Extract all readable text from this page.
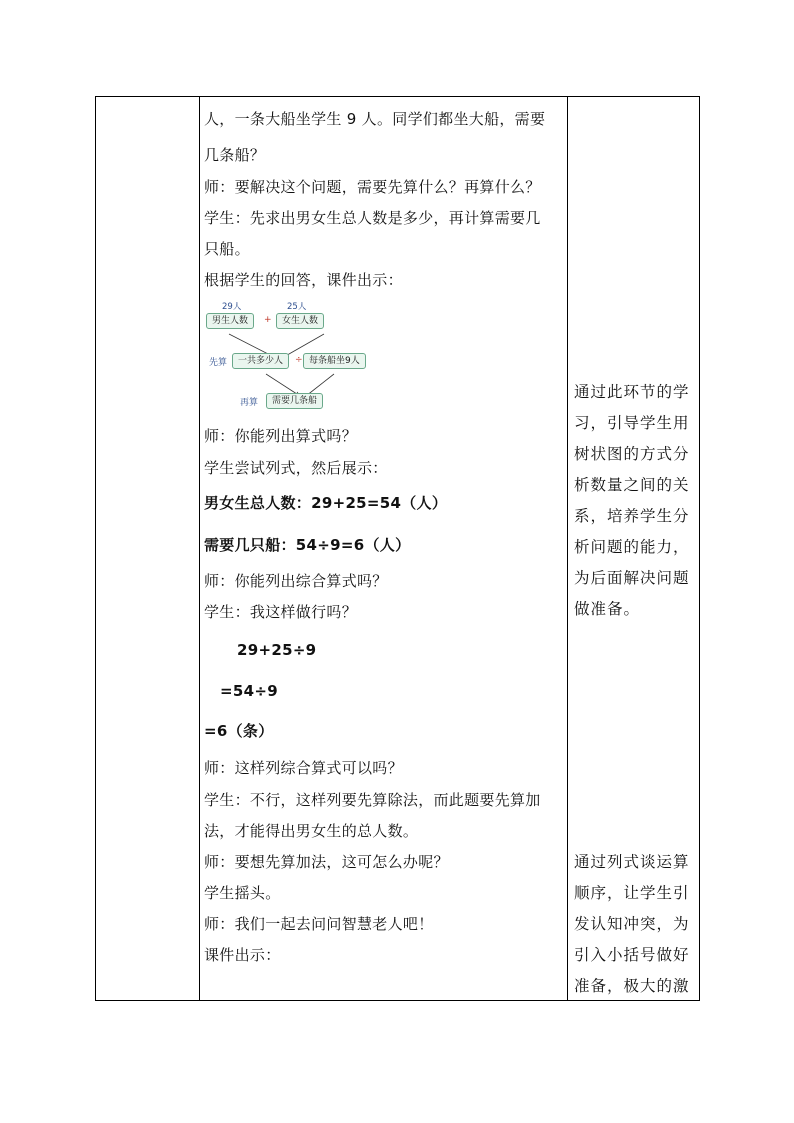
人，一条大船坐学生 9 人。同学们都坐大船，需要
几条船？
师：要解决这个问题，需要先算什么？再算什么？
学生：先求出男女生总人数是多少，再计算需要几
只船。
根据学生的回答，课件出示：
29人	25人
男生人数	+	女生人数
先算	一共多少人	÷ 每条船坐9人
再算	需要几条船
师：你能列出算式吗？
学生尝试列式，然后展示：
男女生总人数：29+25=54（人）
需要几只船：54÷9=6（人）
师：你能列出综合算式吗？
学生：我这样做行吗？
29+25÷9
=54÷9
=6（条）
师：这样列综合算式可以吗？
学生：不行，这样列要先算除法，而此题要先算加
法，才能得出男女生的总人数。
师：要想先算加法，这可怎么办呢？
学生摇头。
师：我们一起去问问智慧老人吧！
课件出示：
通过此环节的学
习，引导学生用
树状图的方式分
析数量之间的关
系，培养学生分
析问题的能力，
为后面解决问题
做准备。
通过列式谈运算
顺序，让学生引
发认知冲突，为
引入小括号做好
准备，极大的激
